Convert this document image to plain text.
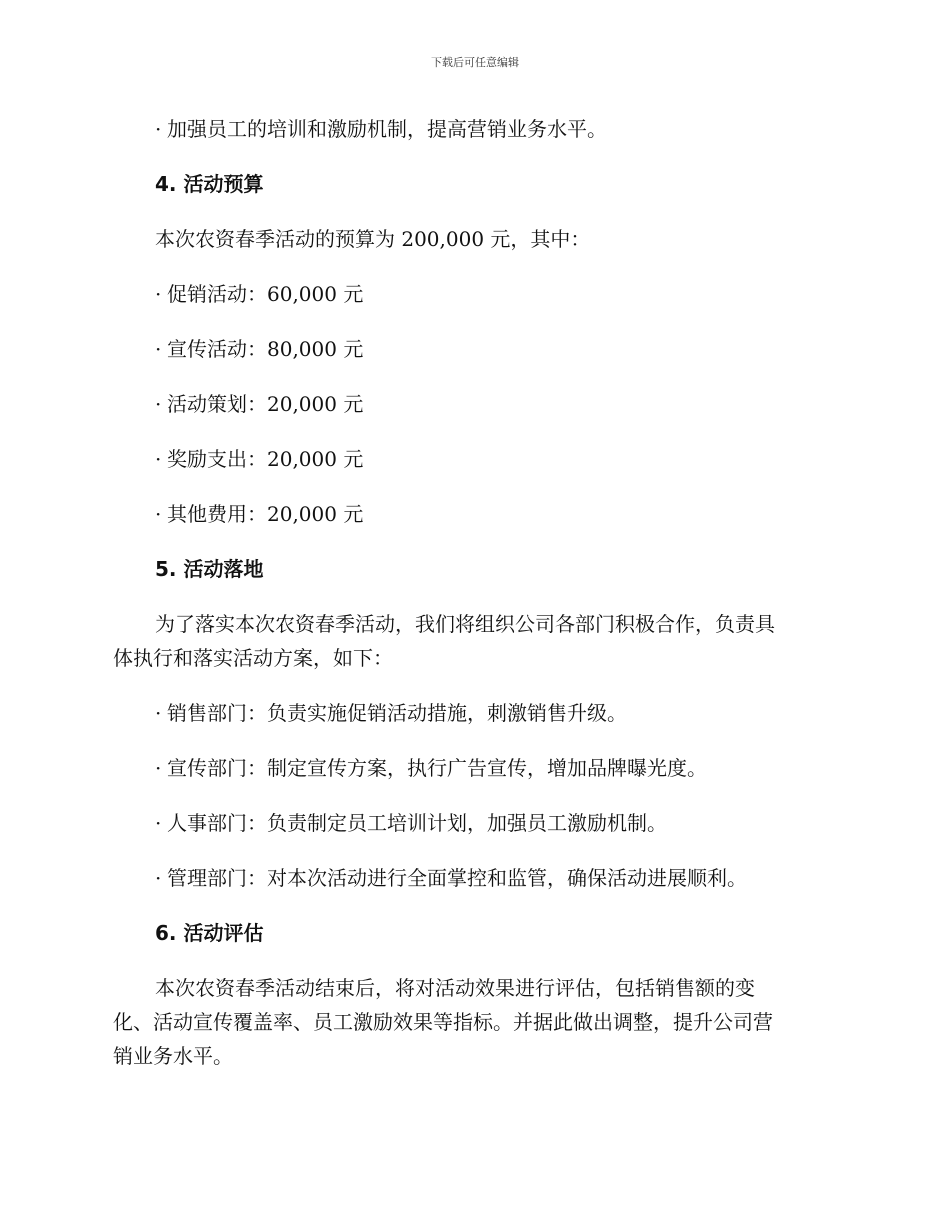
下载后可任意编辑

· 加强员工的培训和激励机制，提高营销业务水平。

4. 活动预算

本次农资春季活动的预算为 200,000 元，其中：

· 促销活动：60,000 元

· 宣传活动：80,000 元

· 活动策划：20,000 元

· 奖励支出：20,000 元

· 其他费用：20,000 元

5. 活动落地

为了落实本次农资春季活动，我们将组织公司各部门积极合作，负责具

体执行和落实活动方案，如下：

· 销售部门：负责实施促销活动措施，刺激销售升级。

· 宣传部门：制定宣传方案，执行广告宣传，增加品牌曝光度。

· 人事部门：负责制定员工培训计划，加强员工激励机制。

· 管理部门：对本次活动进行全面掌控和监管，确保活动进展顺利。

6. 活动评估

本次农资春季活动结束后，将对活动效果进行评估，包括销售额的变

化、活动宣传覆盖率、员工激励效果等指标。并据此做出调整，提升公司营

销业务水平。
